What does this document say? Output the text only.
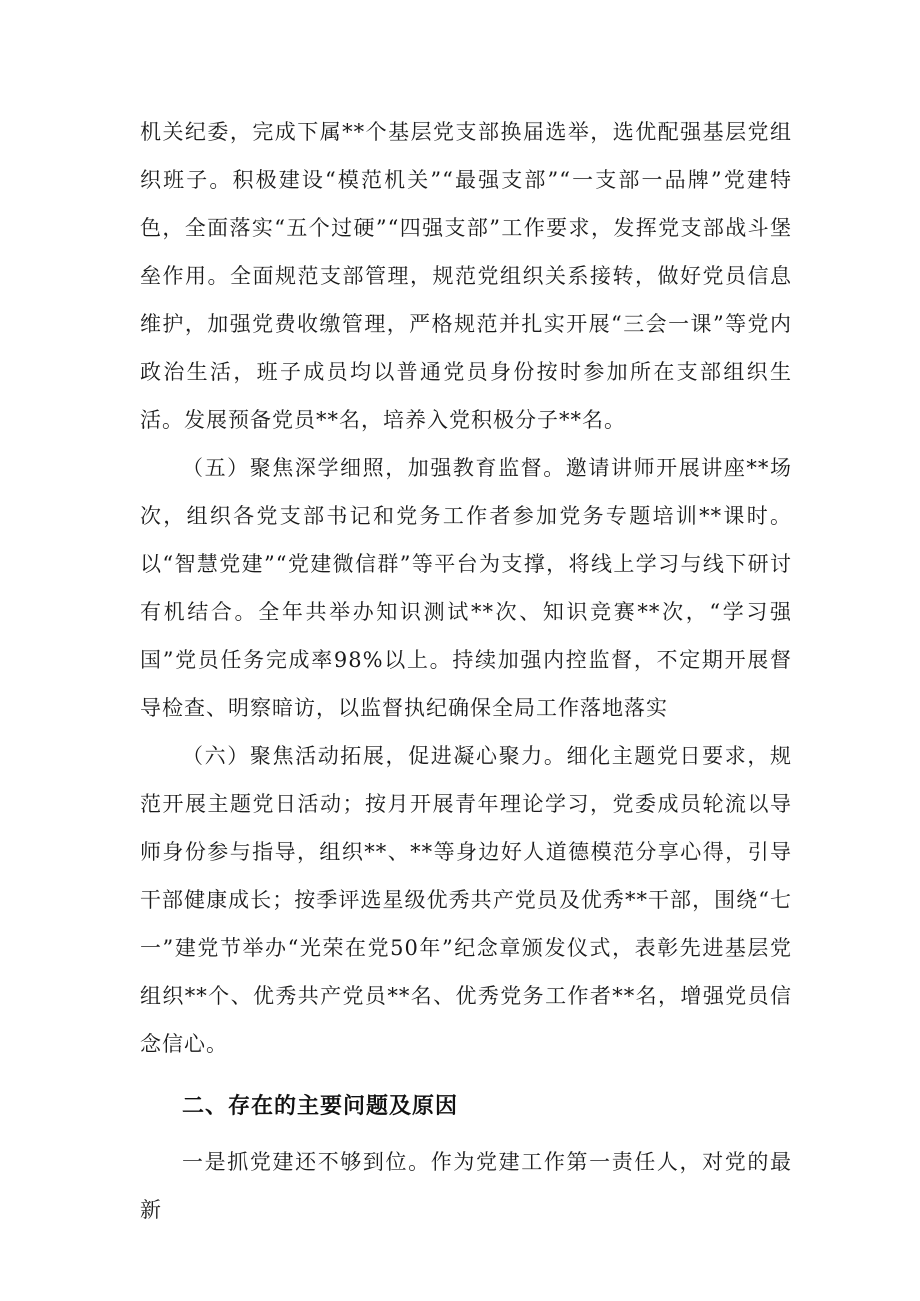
机关纪委，完成下属**个基层党支部换届选举，选优配强基层党组织班子。积极建设“模范机关”“最强支部”“一支部一品牌”党建特色，全面落实“五个过硬”“四强支部”工作要求，发挥党支部战斗堡垒作用。全面规范支部管理，规范党组织关系接转，做好党员信息维护，加强党费收缴管理，严格规范并扎实开展“三会一课”等党内政治生活，班子成员均以普通党员身份按时参加所在支部组织生活。发展预备党员**名，培养入党积极分子**名。

（五）聚焦深学细照，加强教育监督。邀请讲师开展讲座**场次，组织各党支部书记和党务工作者参加党务专题培训**课时。以“智慧党建”“党建微信群”等平台为支撑，将线上学习与线下研讨有机结合。全年共举办知识测试**次、知识竞赛**次，“学习强国”党员任务完成率98%以上。持续加强内控监督，不定期开展督导检查、明察暗访，以监督执纪确保全局工作落地落实

（六）聚焦活动拓展，促进凝心聚力。细化主题党日要求，规范开展主题党日活动；按月开展青年理论学习，党委成员轮流以导师身份参与指导，组织**、**等身边好人道德模范分享心得，引导干部健康成长；按季评选星级优秀共产党员及优秀**干部，围绕“七一”建党节举办“光荣在党50年”纪念章颁发仪式，表彰先进基层党组织**个、优秀共产党员**名、优秀党务工作者**名，增强党员信念信心。

二、存在的主要问题及原因

一是抓党建还不够到位。作为党建工作第一责任人，对党的最新
